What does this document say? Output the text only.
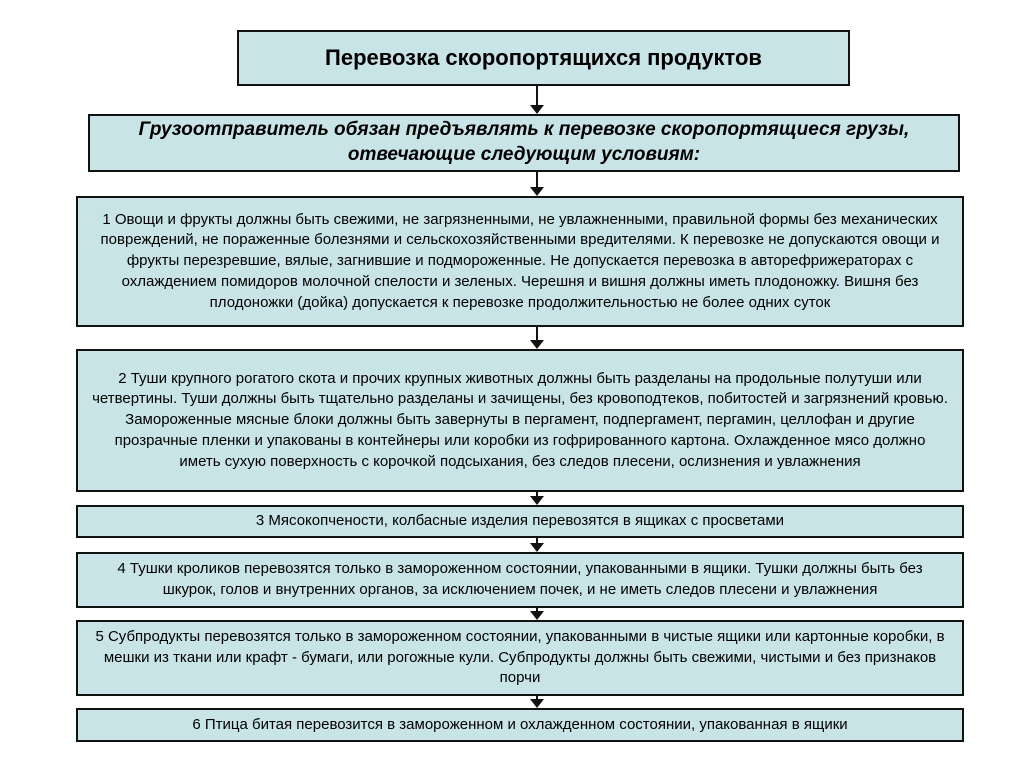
Перевозка скоропортящихся продуктов
Грузоотправитель обязан предъявлять к перевозке скоропортящиеся грузы, отвечающие следующим условиям:
1 Овощи и фрукты должны быть свежими, не загрязненными, не увлажненными, правильной формы без механических повреждений, не пораженные болезнями и сельскохозяйственными вредителями. К перевозке не допускаются овощи и фрукты перезревшие, вялые, загнившие и подмороженные. Не допускается перевозка в авторефрижераторах с охлаждением помидоров молочной спелости и зеленых. Черешня и вишня должны иметь плодоножку. Вишня без плодоножки (дойка) допускается к перевозке продолжительностью не более одних суток
2 Туши крупного рогатого скота и прочих крупных животных должны быть разделаны на продольные полутуши или четвертины. Туши должны быть тщательно разделаны и зачищены, без кровоподтеков, побитостей и загрязнений кровью. Замороженные мясные блоки должны быть завернуты в пергамент, подпергамент, пергамин, целлофан и другие прозрачные пленки и упакованы в контейнеры или коробки из гофрированного картона. Охлажденное мясо должно иметь сухую поверхность с корочкой подсыхания, без следов плесени, ослизнения и увлажнения
3 Мясокопчености, колбасные изделия перевозятся в ящиках с просветами
4 Тушки кроликов перевозятся только в замороженном состоянии, упакованными в ящики. Тушки должны быть без шкурок, голов и внутренних органов, за исключением почек, и не иметь следов плесени и увлажнения
5 Субпродукты перевозятся только в замороженном состоянии, упакованными в чистые ящики или картонные коробки, в мешки из ткани или крафт - бумаги, или рогожные кули. Субпродукты должны быть свежими, чистыми и без признаков порчи
6 Птица битая перевозится в замороженном и охлажденном состоянии, упакованная в ящики
